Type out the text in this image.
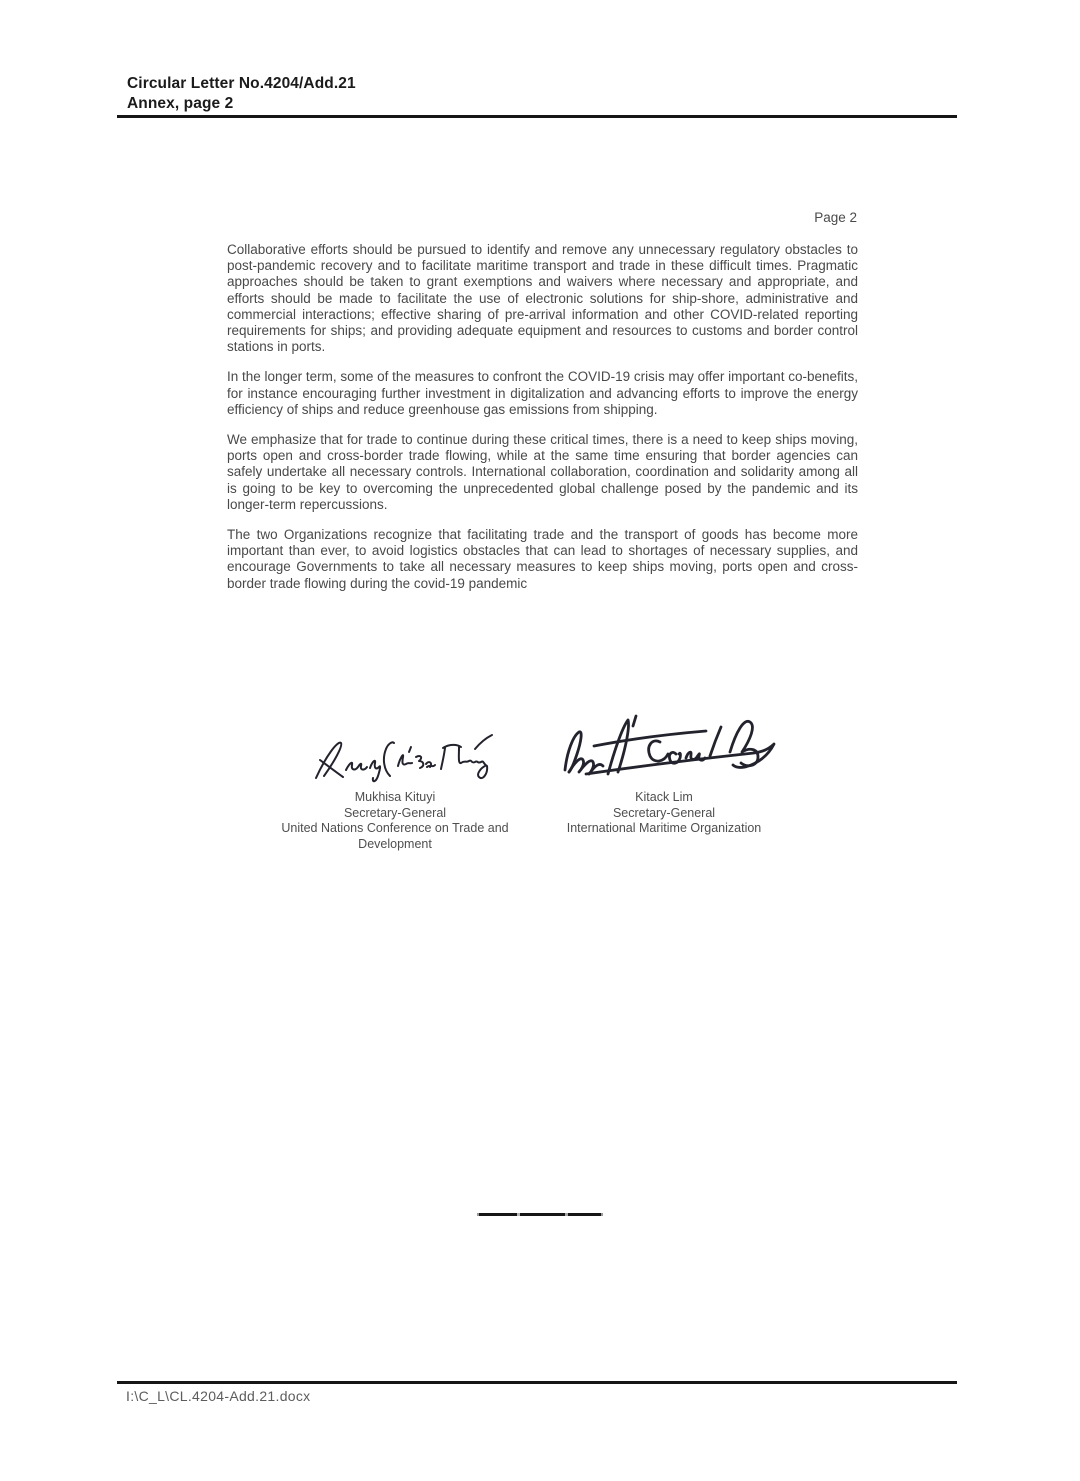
Circular Letter No.4204/Add.21
Annex, page 2
Page 2

Collaborative efforts should be pursued to identify and remove any unnecessary regulatory obstacles to post-pandemic recovery and to facilitate maritime transport and trade in these difficult times. Pragmatic approaches should be taken to grant exemptions and waivers where necessary and appropriate, and efforts should be made to facilitate the use of electronic solutions for ship-shore, administrative and commercial interactions; effective sharing of pre-arrival information and other COVID-related reporting requirements for ships; and providing adequate equipment and resources to customs and border control stations in ports.

In the longer term, some of the measures to confront the COVID-19 crisis may offer important co-benefits, for instance encouraging further investment in digitalization and advancing efforts to improve the energy efficiency of ships and reduce greenhouse gas emissions from shipping.

We emphasize that for trade to continue during these critical times, there is a need to keep ships moving, ports open and cross-border trade flowing, while at the same time ensuring that border agencies can safely undertake all necessary controls. International collaboration, coordination and solidarity among all is going to be key to overcoming the unprecedented global challenge posed by the pandemic and its longer-term repercussions.

The two Organizations recognize that facilitating trade and the transport of goods has become more important than ever, to avoid logistics obstacles that can lead to shortages of necessary supplies, and encourage Governments to take all necessary measures to keep ships moving, ports open and cross-border trade flowing during the covid-19 pandemic

Mukhisa Kituyi
Secretary-General
United Nations Conference on Trade and Development
Kitack Lim
Secretary-General
International Maritime Organization
I:\C_L\CL.4204-Add.21.docx
